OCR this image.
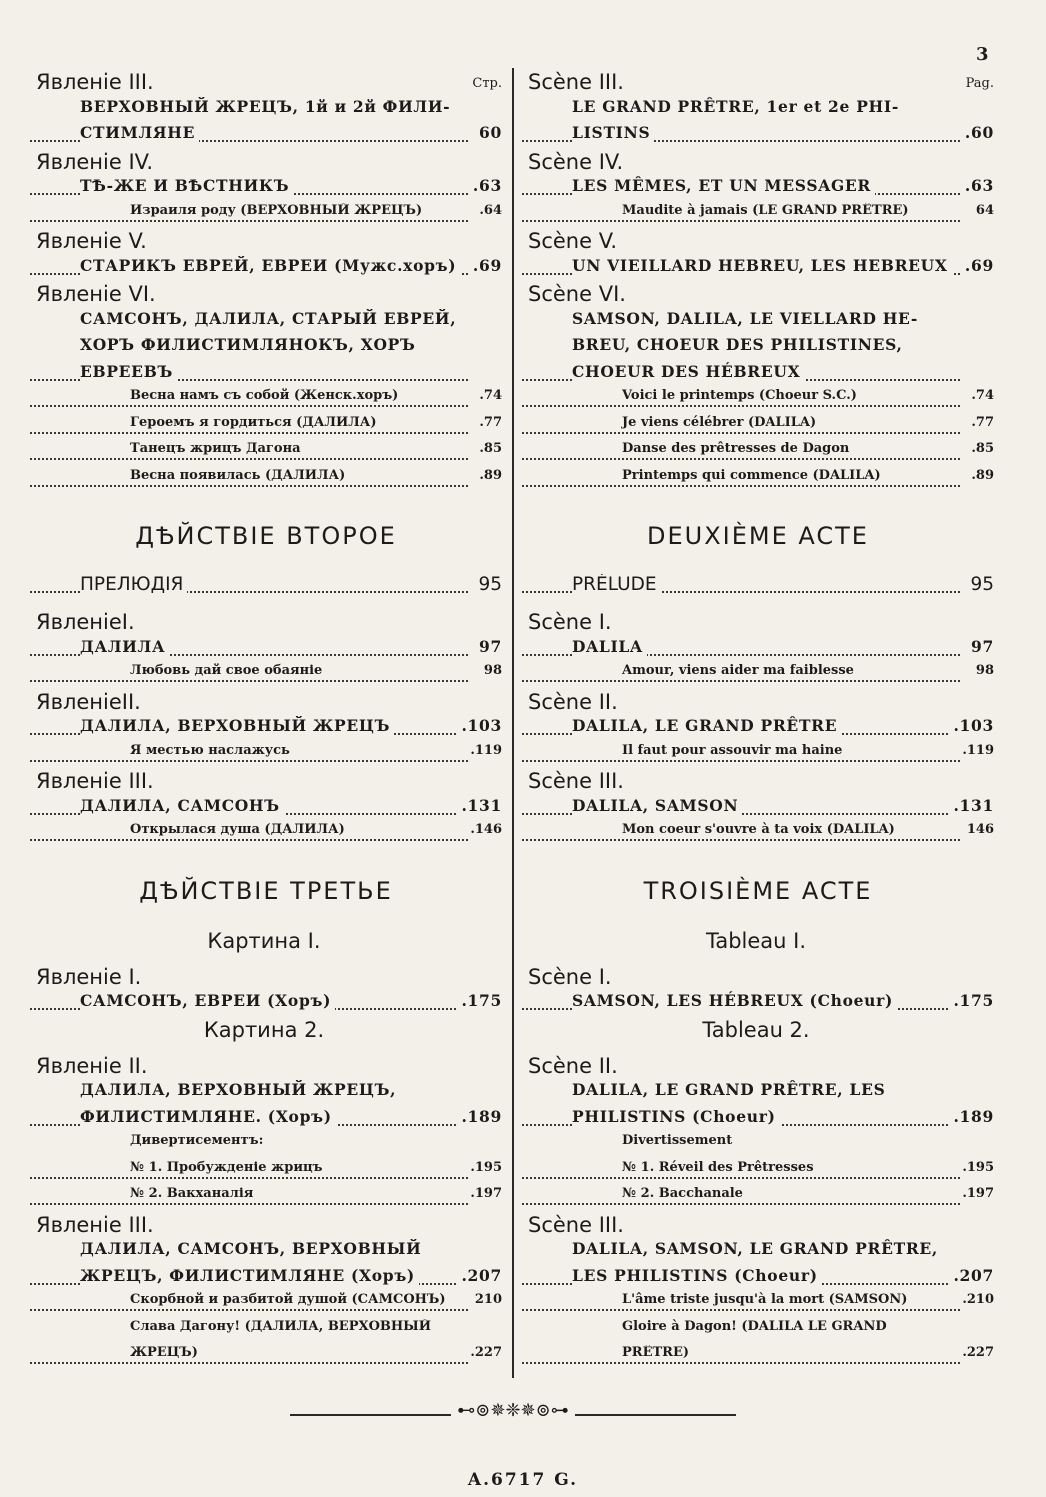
3
Стр.
Явленіе III.
ВЕРХОВНЫЙ ЖРЕЦЪ, 1й и 2й ФИЛИ-
СТИМЛЯНЕ	60
Явленіе IV.
ТѢ-ЖЕ И ВѢСТНИКЪ	.63
Израиля роду (ВЕРХОВНЫЙ ЖРЕЦЪ)	.64
Явленіе V.
СТАРИКЪ ЕВРЕЙ, ЕВРЕИ (Мужс.хоръ) .69
Явленіе VI.
САМСОНЪ, ДАЛИЛА, СТАРЫЙ ЕВРЕЙ,
ХОРЪ ФИЛИСТИМЛЯНОКЪ, ХОРЪ
ЕВРЕЕВЪ
Весна намъ съ собой (Женск.хоръ)	.74
Героемъ я гордиться (ДАЛИЛА)	.77
Танецъ жрицъ Дагона	.85
Весна появилась (ДАЛИЛА)	.89
ДѢЙСТВІЕ ВТОРОЕ
ПРЕЛЮДІЯ	95
ЯвленіеI.
ДАЛИЛА	97
Любовь дай свое обаяніе	98
ЯвленіеII.
ДАЛИЛА, ВЕРХОВНЫЙ ЖРЕЦЪ	.103
Я местью наслажусь	.119
Явленіе III.
ДАЛИЛА, САМСОНЪ	.131
Открылася душа (ДАЛИЛА)	.146
ДѢЙСТВІЕ ТРЕТЬЕ
Картина I.
Явленіе I.
САМСОНЪ, ЕВРЕИ (Хоръ)	.175
Картина 2.
Явленіе II.
ДАЛИЛА, ВЕРХОВНЫЙ ЖРЕЦЪ,
ФИЛИСТИМЛЯНЕ. (Хоръ)	.189
Дивертисементъ:
№ 1. Пробужденіе жрицъ	.195
№ 2. Вакханалія	.197
Явленіе III.
ДАЛИЛА, САМСОНЪ, ВЕРХОВНЫЙ
ЖРЕЦЪ, ФИЛИСТИМЛЯНЕ (Хоръ)	.207
Скорбной и разбитой душой (САМСОНЪ)	210
Слава Дагону! (ДАЛИЛА, ВЕРХОВНЫЙ
ЖРЕЦЪ)	.227
Pag.
Scène III.
LE GRAND PRÊTRE, 1er et 2e PHI-
LISTINS	.60
Scène IV.
LES MÊMES, ET UN MESSAGER	.63
Maudite à jamais (LE GRAND PRÊTRE)	64
Scène V.
UN VIEILLARD HEBREU, LES HEBREUX .69
Scène VI.
SAMSON, DALILA, LE VIELLARD HE-
BREU, CHOEUR DES PHILISTINES,
CHOEUR DES HÉBREUX
Voici le printemps (Choeur S.C.)	.74
Je viens célébrer (DALILA)	.77
Danse des prêtresses de Dagon	.85
Printemps qui commence (DALILA)	.89
DEUXIÈME ACTE
PRÉLUDE	95
Scène I.
DALILA	97
Amour, viens aider ma faiblesse	98
Scène II.
DALILA, LE GRAND PRÊTRE	.103
Il faut pour assouvir ma haine	.119
Scène III.
DALILA, SAMSON	.131
Mon coeur s'ouvre à ta voix (DALILA)	146
TROISIÈME ACTE
Tableau I.
Scène I.
SAMSON, LES HÉBREUX (Choeur)	.175
Tableau 2.
Scène II.
DALILA, LE GRAND PRÊTRE, LES
PHILISTINS (Choeur)	.189
Divertissement
№ 1. Réveil des Prêtresses	.195
№ 2. Bacchanale	.197
Scène III.
DALILA, SAMSON, LE GRAND PRÊTRE,
LES PHILISTINS (Choeur)	.207
L'âme triste jusqu'à la mort (SAMSON)	.210
Gloire à Dagon! (DALILA LE GRAND
PRÊTRE)	.227
⊷⊚✵❈✵⊚⊶
A.6717 G.
